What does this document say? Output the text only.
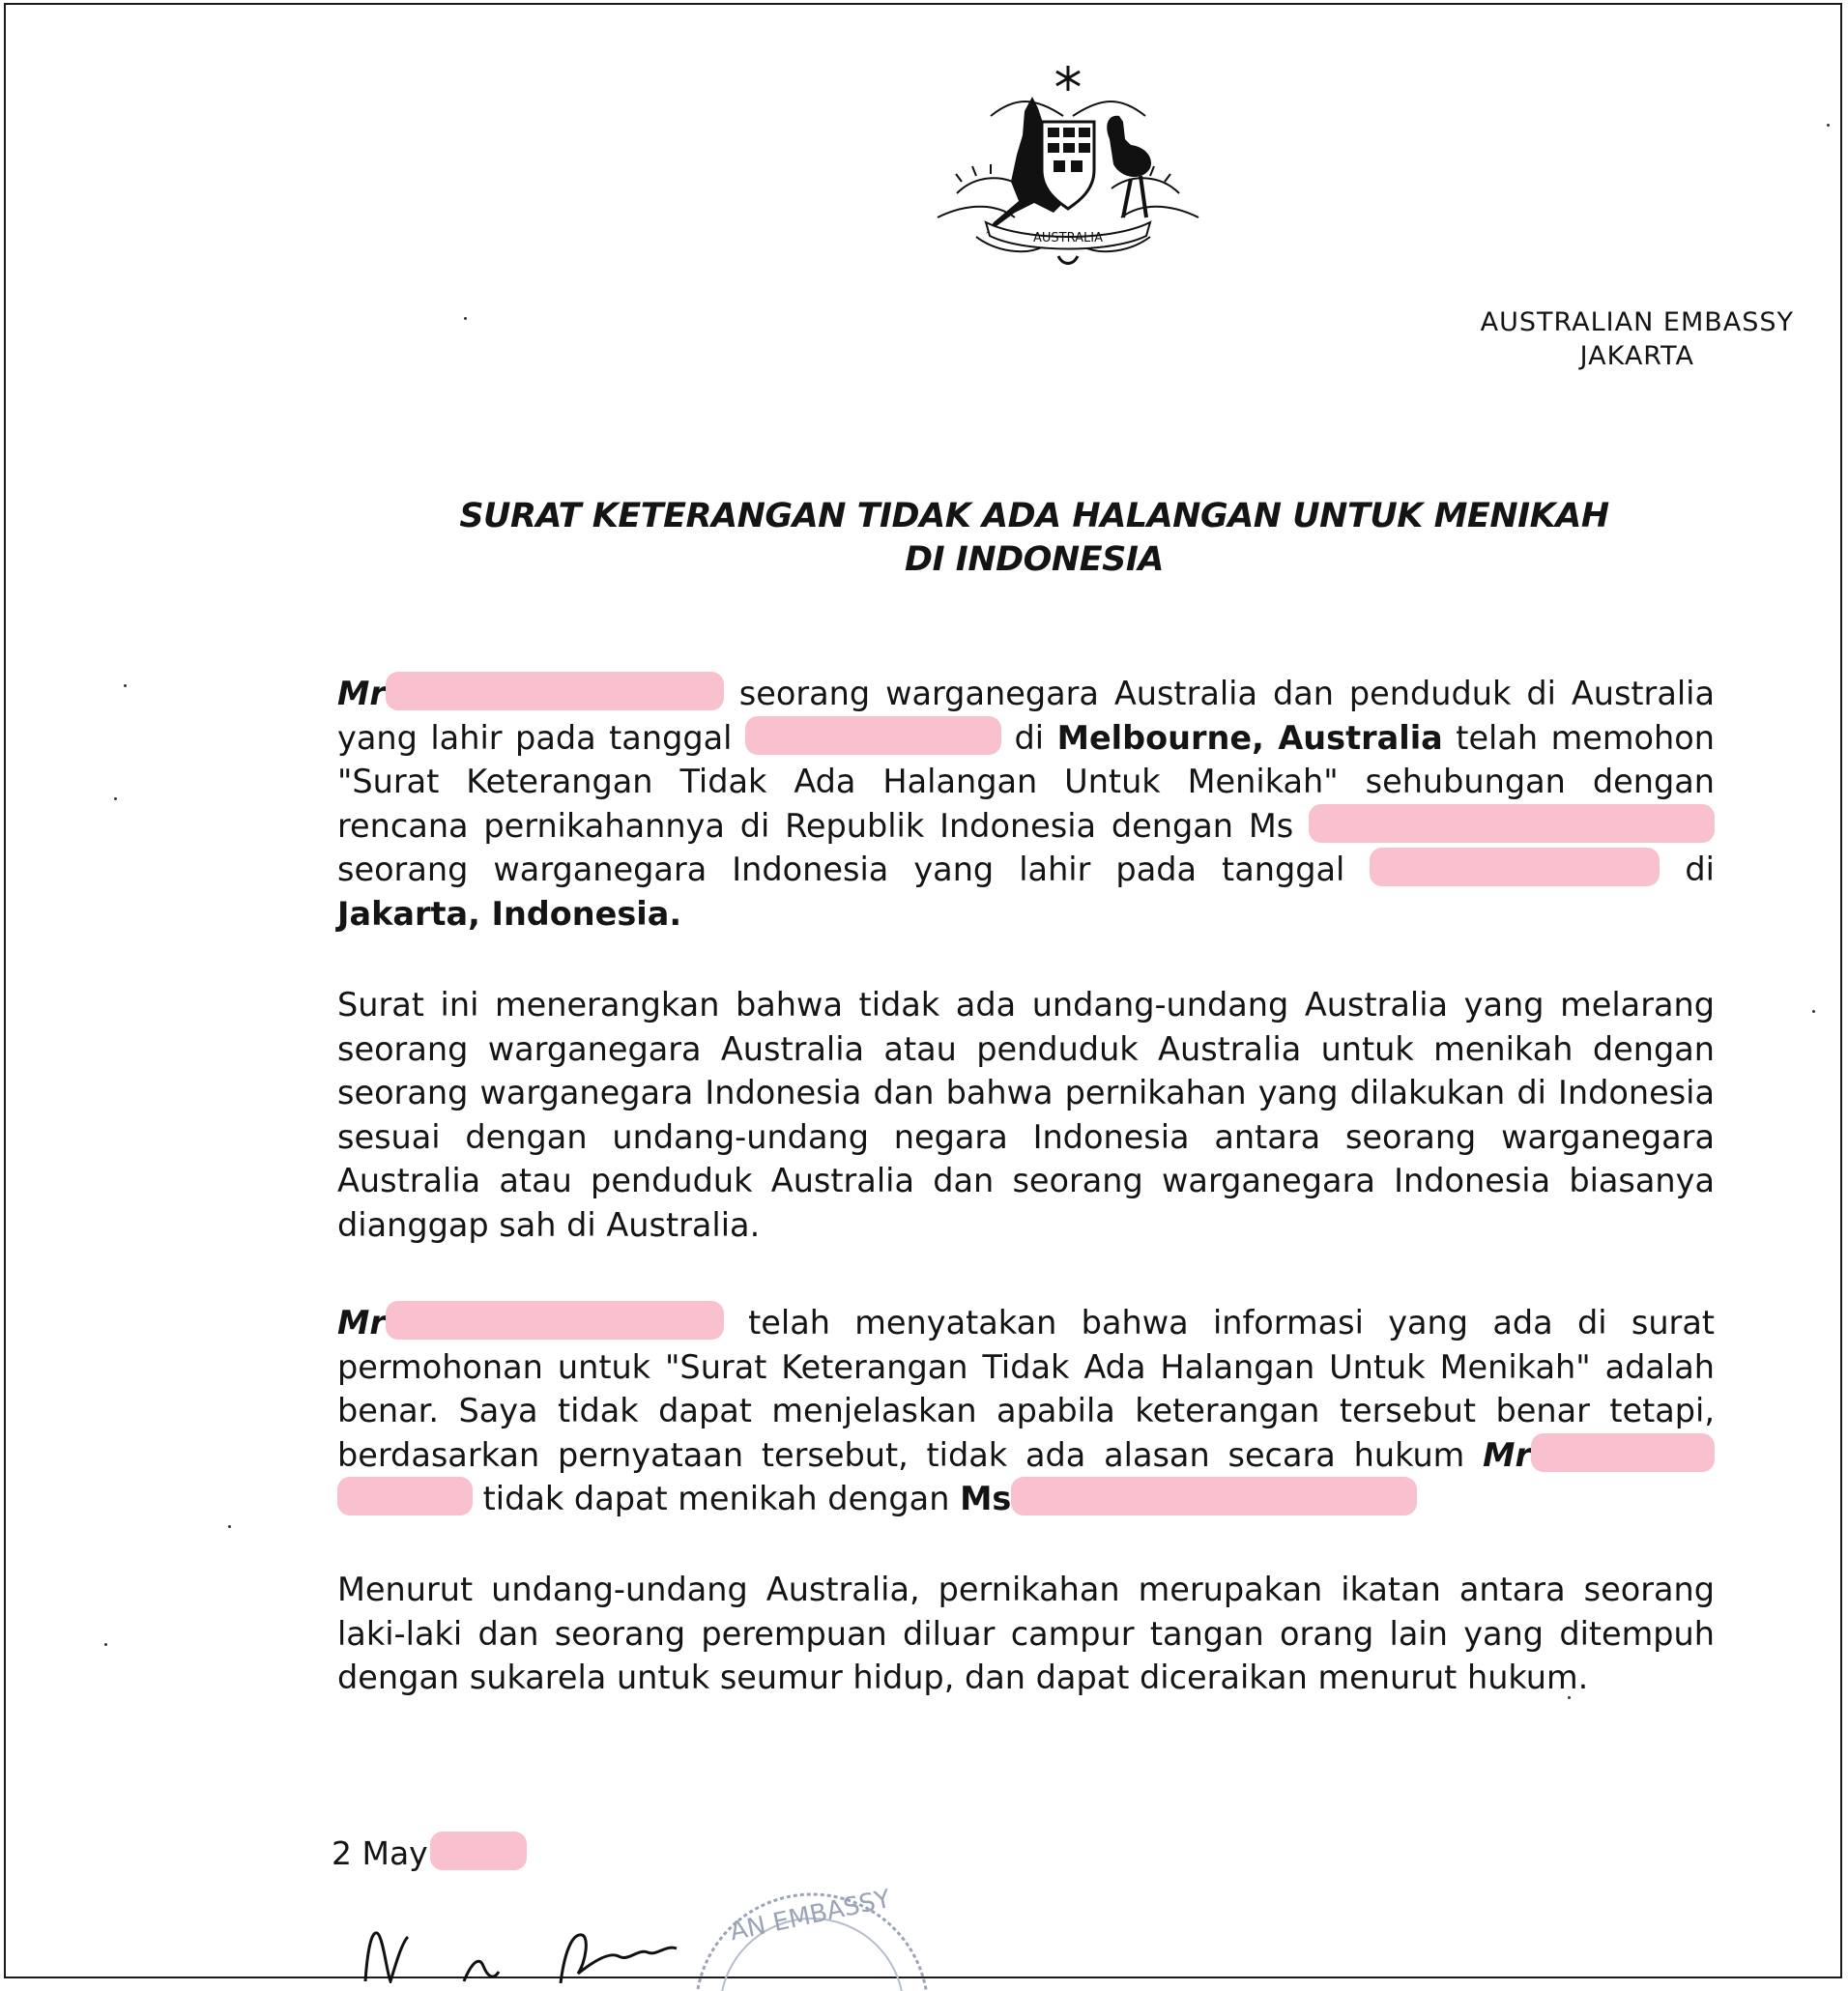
AUSTRALIA
AUSTRALIAN EMBASSY
JAKARTA
SURAT KETERANGAN TIDAK ADA HALANGAN UNTUK MENIKAH
DI INDONESIA
Mr	seorang warganegara Australia dan penduduk di Australia yang lahir pada tanggal	di Melbourne, Australia telah memohon "Surat Keterangan Tidak Ada Halangan Untuk Menikah" sehubungan dengan rencana pernikahannya di Republik Indonesia dengan Ms  seorang warganegara Indonesia yang lahir pada tanggal	di Jakarta, Indonesia.
Surat ini menerangkan bahwa tidak ada undang-undang Australia yang melarang seorang warganegara Australia atau penduduk Australia untuk menikah dengan seorang warganegara Indonesia dan bahwa pernikahan yang dilakukan di Indonesia sesuai dengan undang-undang negara Indonesia antara seorang warganegara Australia atau penduduk Australia dan seorang warganegara Indonesia biasanya dianggap sah di Australia.
Mr	telah menyatakan bahwa informasi yang ada di surat permohonan untuk "Surat Keterangan Tidak Ada Halangan Untuk Menikah" adalah benar. Saya tidak dapat menjelaskan apabila keterangan tersebut benar tetapi, berdasarkan pernyataan tersebut, tidak ada alasan secara hukum Mr tidak dapat menikah dengan Ms
Menurut undang-undang Australia, pernikahan merupakan ikatan antara seorang laki-laki dan seorang perempuan diluar campur tangan orang lain yang ditempuh dengan sukarela untuk seumur hidup, dan dapat diceraikan menurut hukum.
2 May
AN EMBASSY
